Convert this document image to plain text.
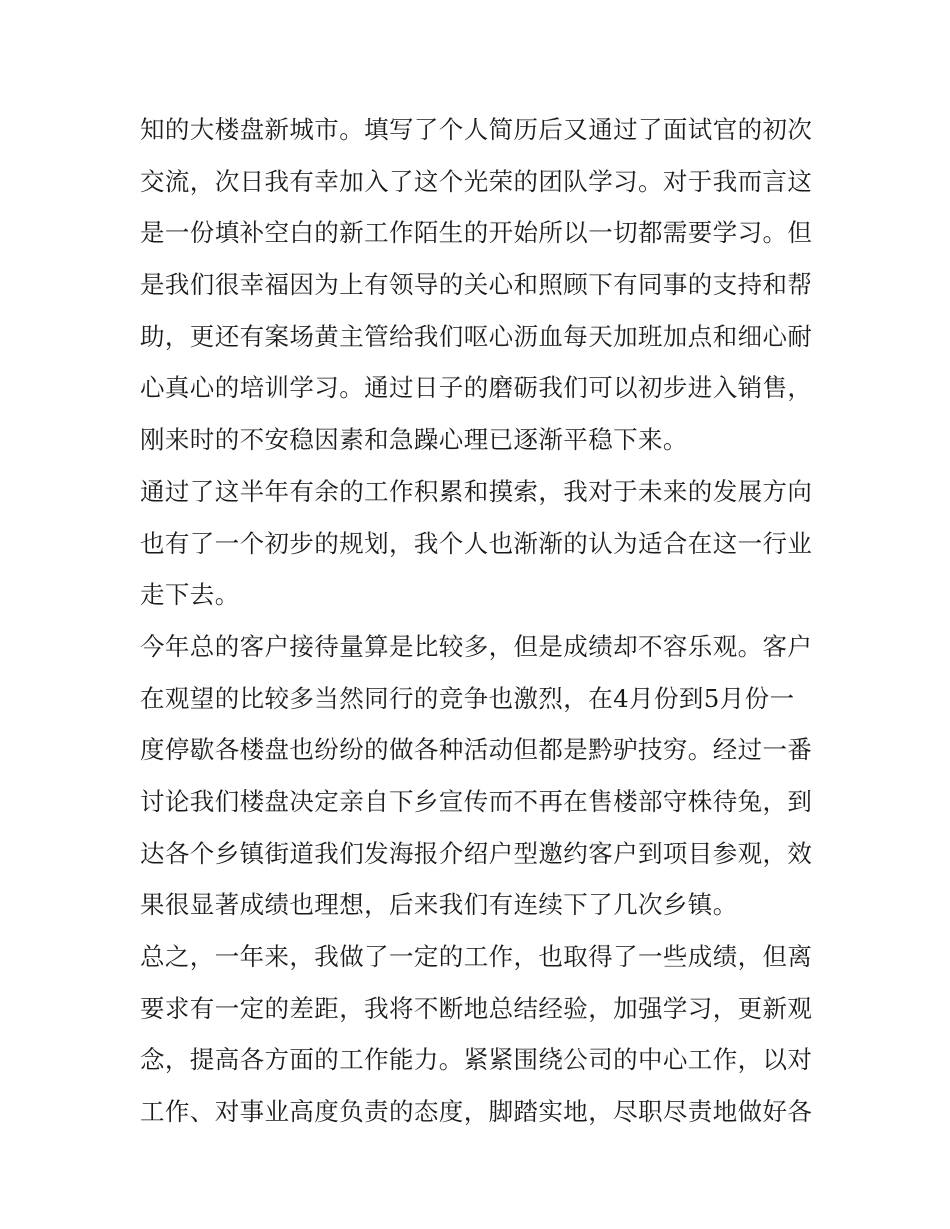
知的大楼盘新城市。填写了个人简历后又通过了面试官的初次
交流，次日我有幸加入了这个光荣的团队学习。对于我而言这
是一份填补空白的新工作陌生的开始所以一切都需要学习。但
是我们很幸福因为上有领导的关心和照顾下有同事的支持和帮
助，更还有案场黄主管给我们呕心沥血每天加班加点和细心耐
心真心的培训学习。通过日子的磨砺我们可以初步进入销售，
刚来时的不安稳因素和急躁心理已逐渐平稳下来。
通过了这半年有余的工作积累和摸索，我对于未来的发展方向
也有了一个初步的规划，我个人也渐渐的认为适合在这一行业
走下去。
今年总的客户接待量算是比较多，但是成绩却不容乐观。客户
在观望的比较多当然同行的竞争也激烈，在4月份到5月份一
度停歇各楼盘也纷纷的做各种活动但都是黔驴技穷。经过一番
讨论我们楼盘决定亲自下乡宣传而不再在售楼部守株待兔，到
达各个乡镇街道我们发海报介绍户型邀约客户到项目参观，效
果很显著成绩也理想，后来我们有连续下了几次乡镇。
总之，一年来，我做了一定的工作，也取得了一些成绩，但离
要求有一定的差距，我将不断地总结经验，加强学习，更新观
念，提高各方面的工作能力。紧紧围绕公司的中心工作，以对
工作、对事业高度负责的态度，脚踏实地，尽职尽责地做好各
